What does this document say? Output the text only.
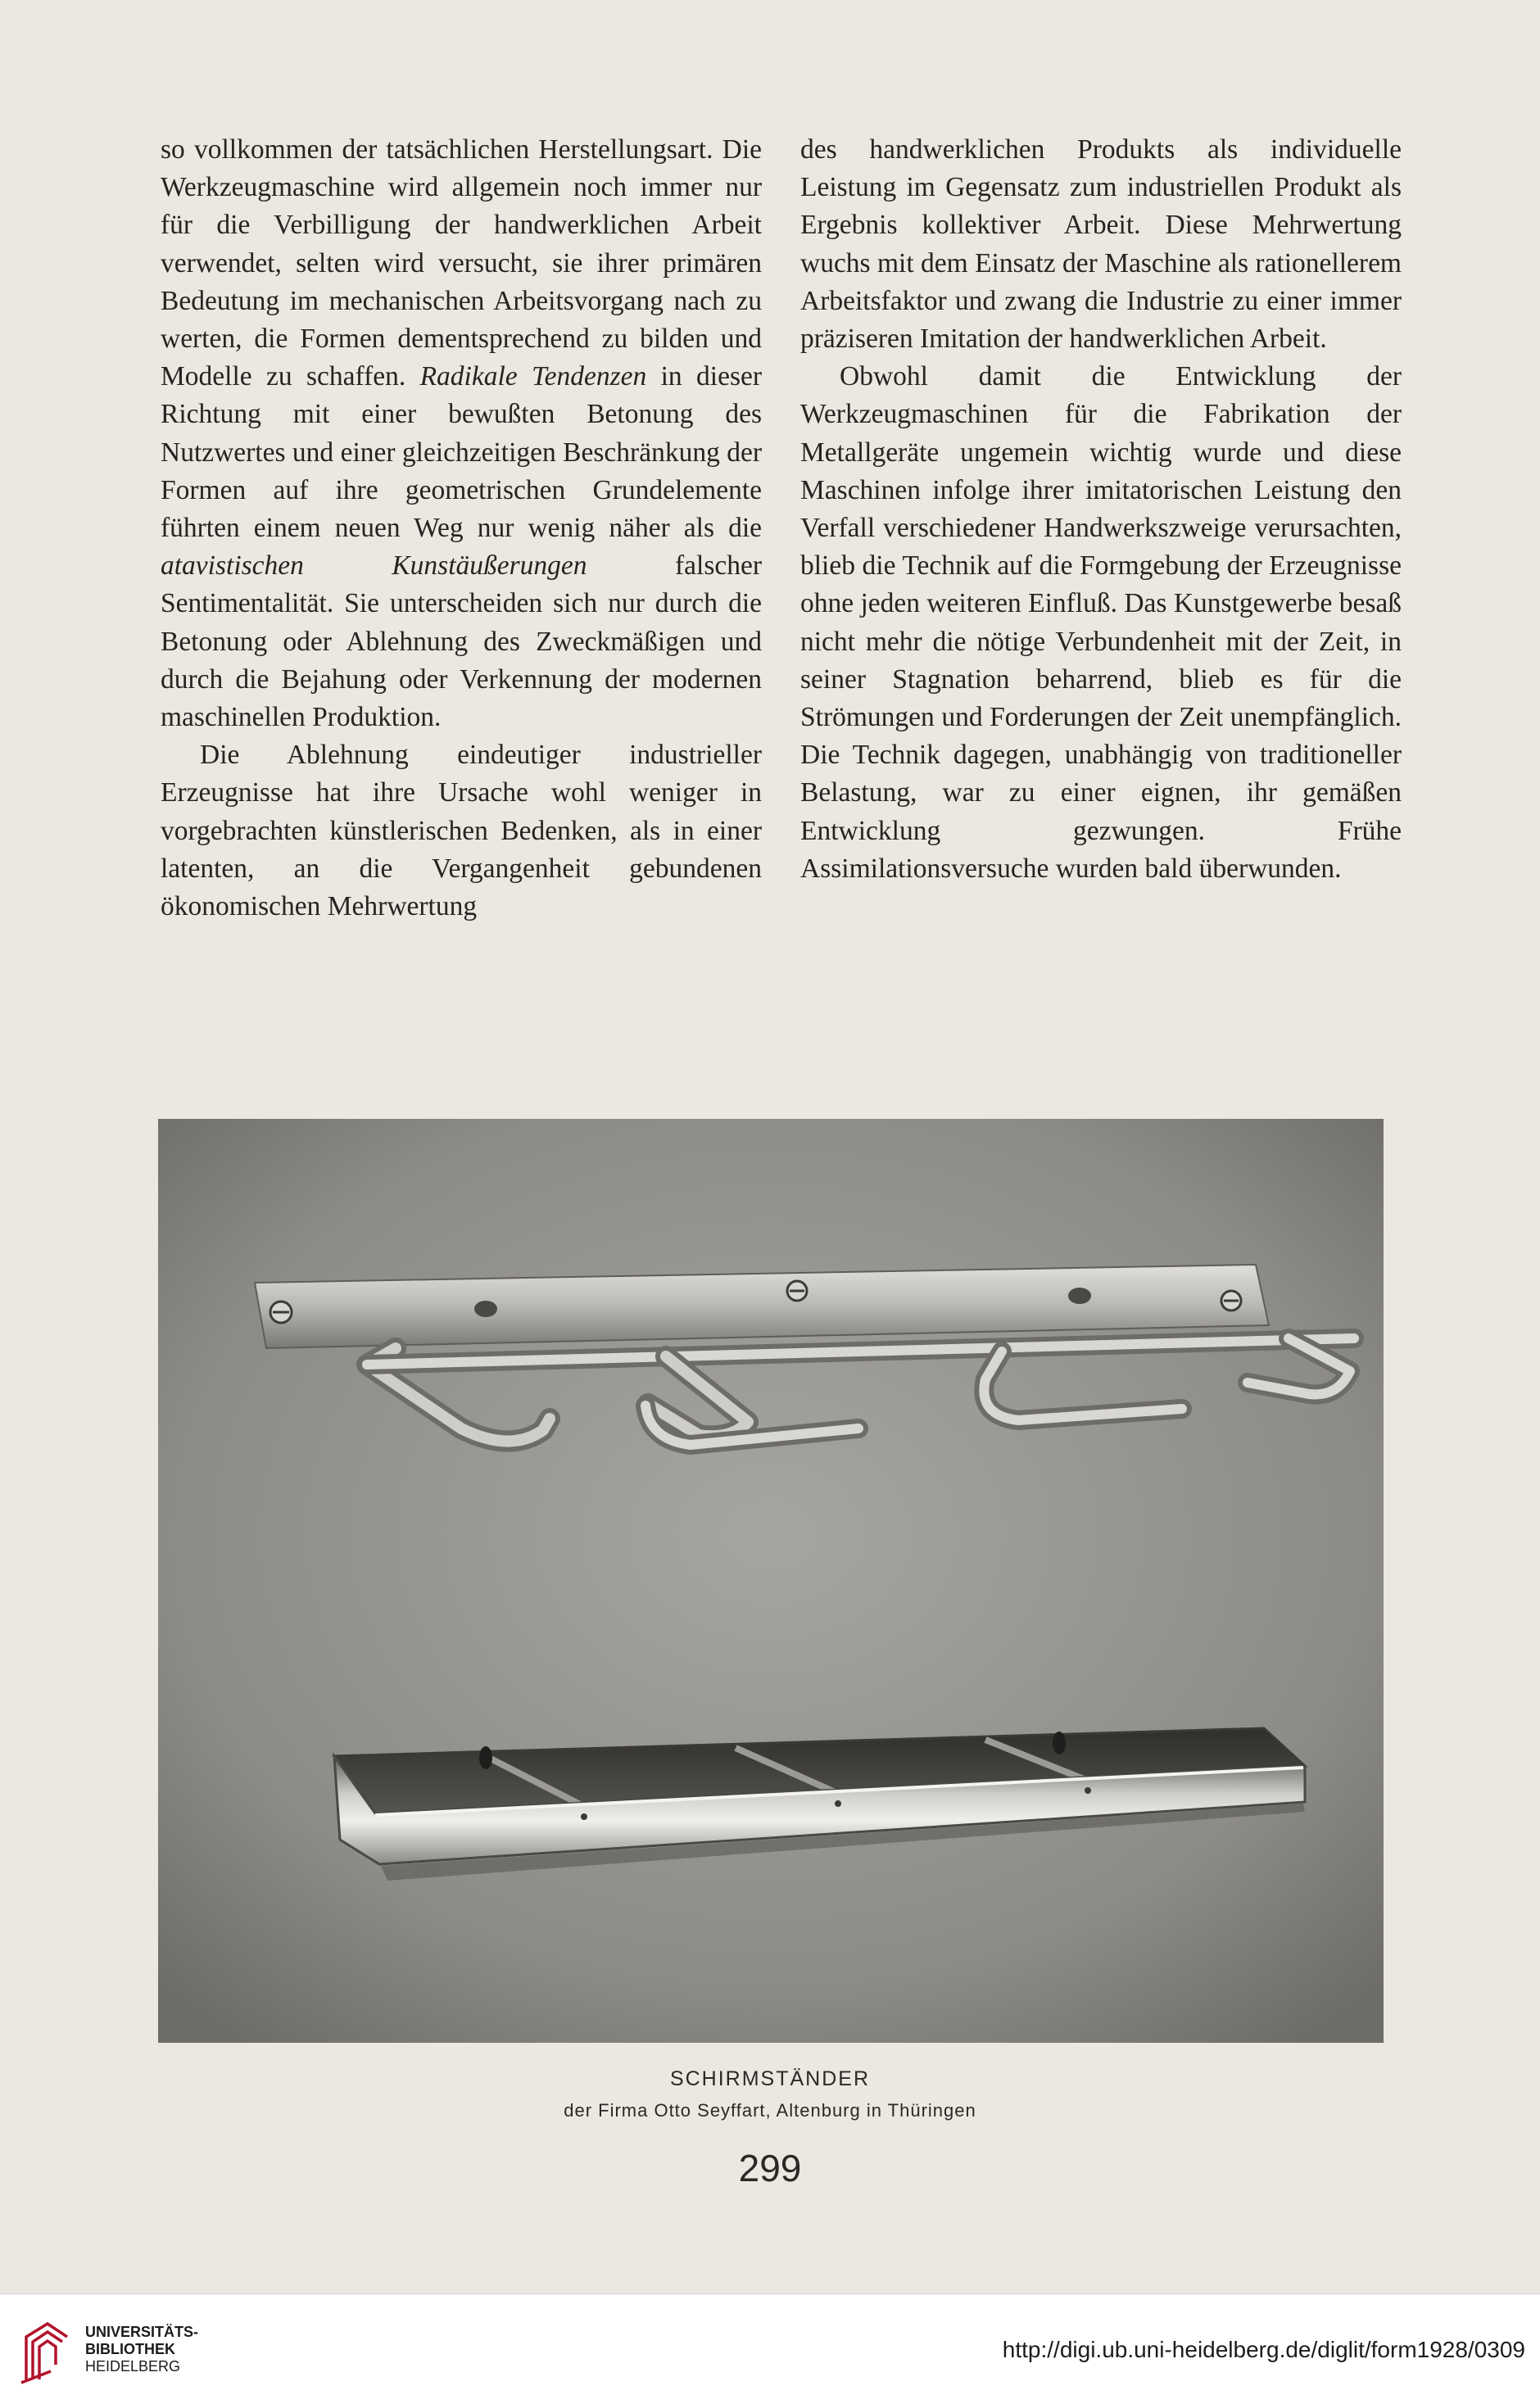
so vollkommen der tatsächlichen Herstellungsart. Die Werkzeugmaschine wird allgemein noch immer nur für die Verbilligung der handwerklichen Arbeit verwendet, selten wird versucht, sie ihrer primären Bedeutung im mechanischen Arbeitsvorgang nach zu werten, die Formen dementsprechend zu bilden und Modelle zu schaffen. Radikale Tendenzen in dieser Richtung mit einer bewußten Betonung des Nutzwertes und einer gleichzeitigen Beschränkung der Formen auf ihre geometrischen Grundelemente führten einem neuen Weg nur wenig näher als die atavistischen Kunstäußerungen falscher Sentimentalität. Sie unterscheiden sich nur durch die Betonung oder Ablehnung des Zweckmäßigen und durch die Bejahung oder Verkennung der modernen maschinellen Produktion.

Die Ablehnung eindeutiger industrieller Erzeugnisse hat ihre Ursache wohl weniger in vorgebrachten künstlerischen Bedenken, als in einer latenten, an die Vergangenheit gebundenen ökonomischen Mehrwertung

des handwerklichen Produkts als individuelle Leistung im Gegensatz zum industriellen Produkt als Ergebnis kollektiver Arbeit. Diese Mehrwertung wuchs mit dem Einsatz der Maschine als rationellerem Arbeitsfaktor und zwang die Industrie zu einer immer präziseren Imitation der handwerklichen Arbeit.

Obwohl damit die Entwicklung der Werkzeugmaschinen für die Fabrikation der Metallgeräte ungemein wichtig wurde und diese Maschinen infolge ihrer imitatorischen Leistung den Verfall verschiedener Handwerkszweige verursachten, blieb die Technik auf die Formgebung der Erzeugnisse ohne jeden weiteren Einfluß. Das Kunstgewerbe besaß nicht mehr die nötige Verbundenheit mit der Zeit, in seiner Stagnation beharrend, blieb es für die Strömungen und Forderungen der Zeit unempfänglich. Die Technik dagegen, unabhängig von traditioneller Belastung, war zu einer eignen, ihr gemäßen Entwicklung gezwungen. Frühe Assimilationsversuche wurden bald überwunden.

SCHIRMSTÄNDER
der Firma Otto Seyffart, Altenburg in Thüringen
299
UNIVERSITÄTS-
BIBLIOTHEK
HEIDELBERG
http://digi.ub.uni-heidelberg.de/diglit/form1928/0309
